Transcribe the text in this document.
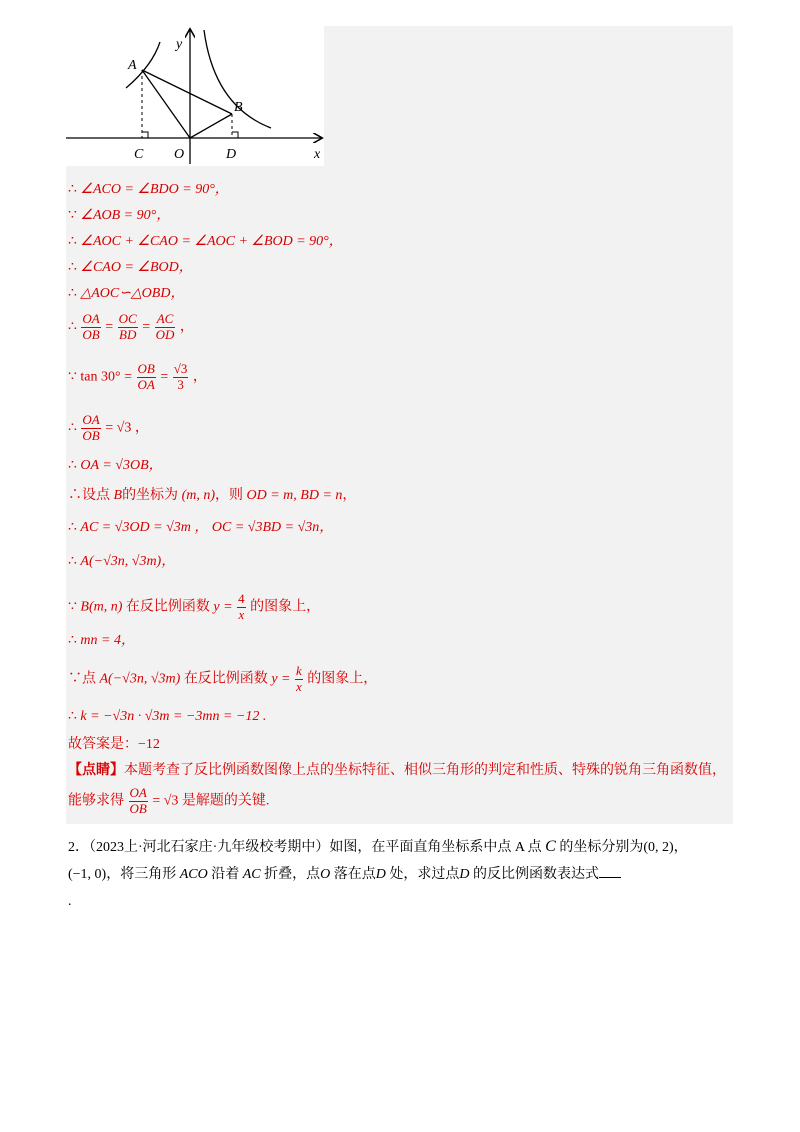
y
x
A
B
C O	D
∴ ∠ACO = ∠BDO = 90°，
∵ ∠AOB = 90°，
∴ ∠AOC + ∠CAO = ∠AOC + ∠BOD = 90°，
∴ ∠CAO = ∠BOD，
∴ △AOC∽△OBD，
∴ $\frac{OA}{OB} = \frac{OC}{BD} = \frac{AC}{OD}$ ，
∵ $\tan 30^\circ = \frac{OB}{OA} = \frac{√3}{3}$ ，
∴ $\frac{OA}{OB} = √3$ ，
∴ OA = √3OB，
∴设点 B的坐标为 (m, n)，则 OD = m, BD = n，
∴ AC = √3OD = √3m ， OC = √3BD = √3n，
∴ A(−√3n, √3m)，
∵ B(m, n) 在反比例函数 $y = \frac{4}{x}$ 的图象上，
∴ mn = 4，
∵点 A(−√3n, √3m) 在反比例函数 $y = \frac{k}{x}$ 的图象上，
∴ k = −√3n · √3m = −3mn = −12 .
故答案是：−12
【点睛】本题考查了反比例函数图像上点的坐标特征、相似三角形的判定和性质、特殊的锐角三角函数值，
能够求得 $\frac{OA}{OB} = √3$ 是解题的关键.
2．（2023上·河北石家庄·九年级校考期中）如图，在平面直角坐标系中点 A 点 C 的坐标分别为(0, 2)，
(−1, 0)，将三角形 ACO 沿着 AC 折叠，点O 落在点D 处，求过点D 的反比例函数表达式
.
